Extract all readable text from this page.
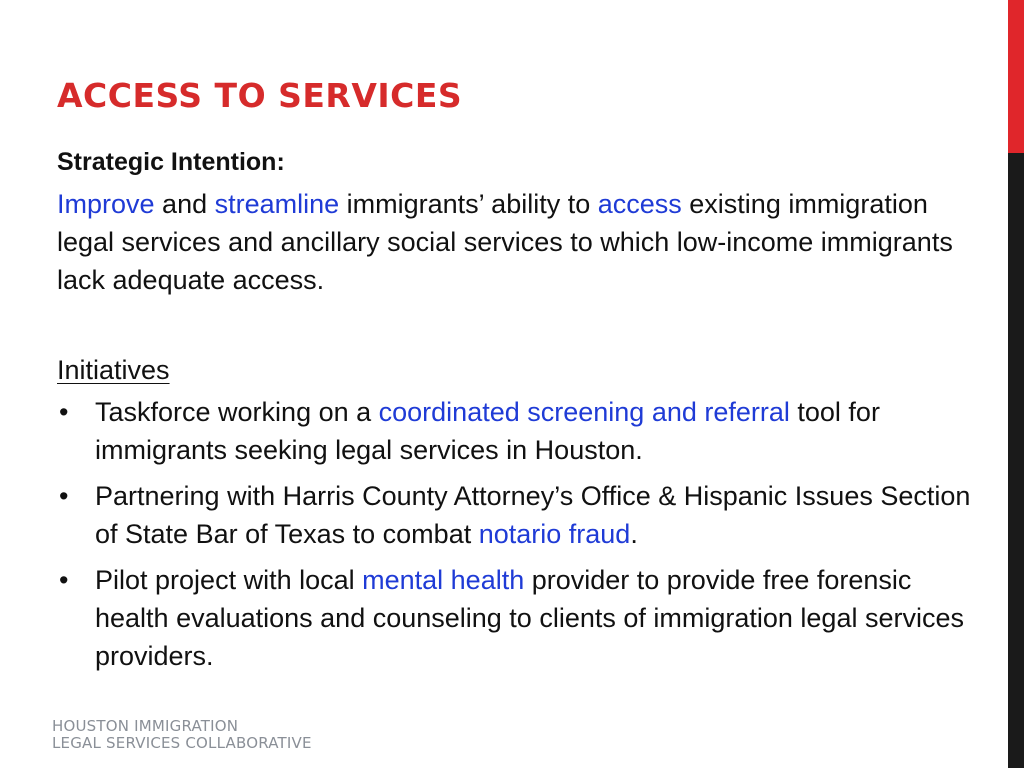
ACCESS TO SERVICES

Strategic Intention:

Improve and streamline immigrants’ ability to access existing immigration legal services and ancillary social services to which low-income immigrants lack adequate access.

Initiatives

• Taskforce working on a coordinated screening and referral tool for immigrants seeking legal services in Houston.
• Partnering with Harris County Attorney’s Office & Hispanic Issues Section of State Bar of Texas to combat notario fraud.
• Pilot project with local mental health provider to provide free forensic health evaluations and counseling to clients of immigration legal services providers.
HOUSTON IMMIGRATION
LEGAL SERVICES COLLABORATIVE
